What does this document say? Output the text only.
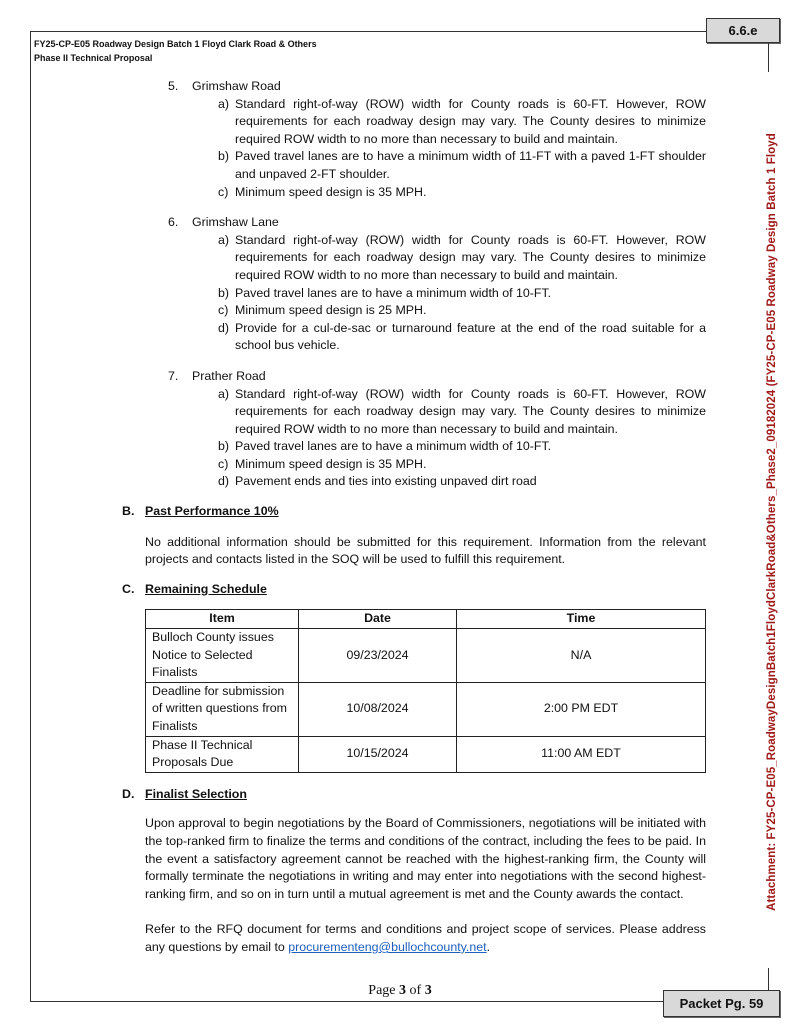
6.6.e
Packet Pg. 59
Attachment: FY25-CP-E05_RoadwayDesignBatch1FloydClarkRoad&Others_Phase2_09182024 (FY25-CP-E05 Roadway Design Batch 1 Floyd
FY25-CP-E05 Roadway Design Batch 1 Floyd Clark Road & Others
Phase II Technical Proposal
5. Grimshaw Road
a) Standard right-of-way (ROW) width for County roads is 60-FT. However, ROW requirements for each roadway design may vary. The County desires to minimize required ROW width to no more than necessary to build and maintain.
b) Paved travel lanes are to have a minimum width of 11-FT with a paved 1-FT shoulder and unpaved 2-FT shoulder.
c) Minimum speed design is 35 MPH.
6. Grimshaw Lane
a) Standard right-of-way (ROW) width for County roads is 60-FT. However, ROW requirements for each roadway design may vary. The County desires to minimize required ROW width to no more than necessary to build and maintain.
b) Paved travel lanes are to have a minimum width of 10-FT.
c) Minimum speed design is 25 MPH.
d) Provide for a cul-de-sac or turnaround feature at the end of the road suitable for a school bus vehicle.
7. Prather Road
a) Standard right-of-way (ROW) width for County roads is 60-FT. However, ROW requirements for each roadway design may vary. The County desires to minimize required ROW width to no more than necessary to build and maintain.
b) Paved travel lanes are to have a minimum width of 10-FT.
c) Minimum speed design is 35 MPH.
d) Pavement ends and ties into existing unpaved dirt road
B. Past Performance 10%
No additional information should be submitted for this requirement. Information from the relevant projects and contacts listed in the SOQ will be used to fulfill this requirement.
C. Remaining Schedule
Item	Date	Time
Bulloch County issues Notice to Selected Finalists	09/23/2024	N/A
Deadline for submission of written questions from Finalists	10/08/2024	2:00 PM EDT
Phase II Technical Proposals Due	10/15/2024	11:00 AM EDT
D. Finalist Selection
Upon approval to begin negotiations by the Board of Commissioners, negotiations will be initiated with the top-ranked firm to finalize the terms and conditions of the contract, including the fees to be paid. In the event a satisfactory agreement cannot be reached with the highest-ranking firm, the County will formally terminate the negotiations in writing and may enter into negotiations with the second highest-ranking firm, and so on in turn until a mutual agreement is met and the County awards the contact.
Refer to the RFQ document for terms and conditions and project scope of services. Please address any questions by email to procurementeng@bullochcounty.net.
Page 3 of 3
